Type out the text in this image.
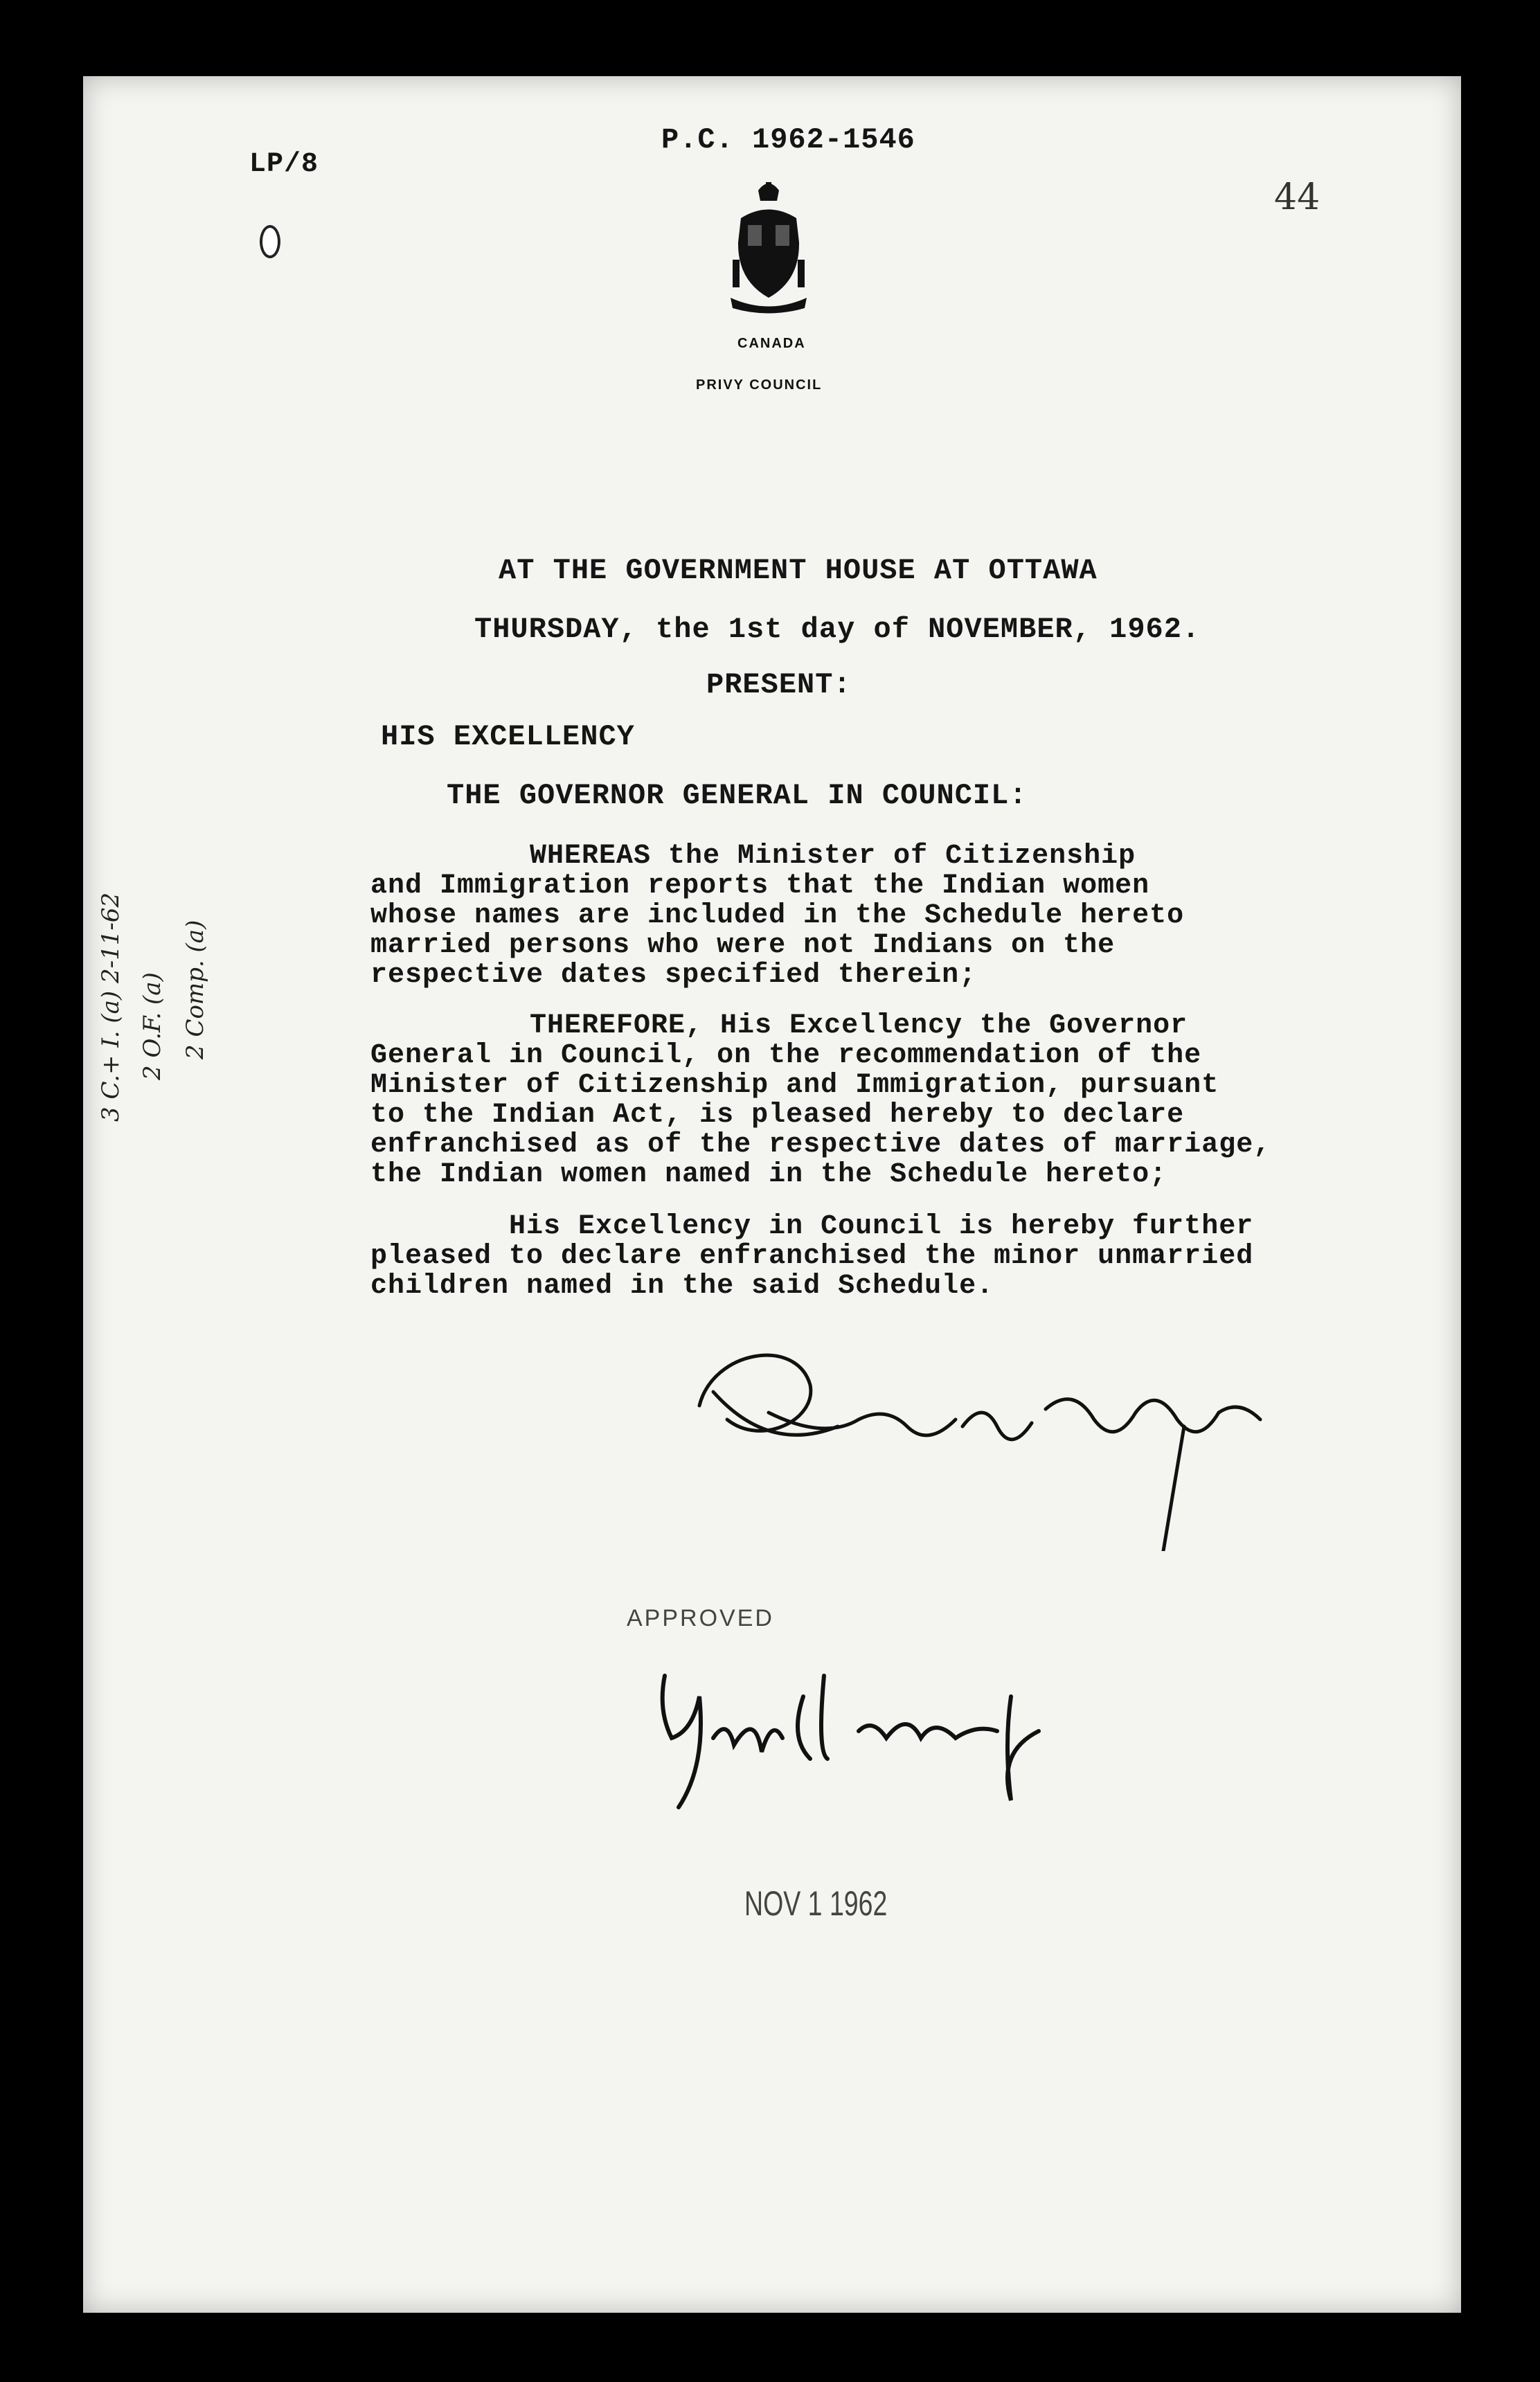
LP/8
P.C. 1962-1546
44
CANADA
PRIVY COUNCIL
3 C.+ I. (a) 2-11-62 2 O.F. (a) 2 Comp. (a)
AT THE GOVERNMENT HOUSE AT OTTAWA
THURSDAY, the 1st day of NOVEMBER, 1962.
PRESENT:
HIS EXCELLENCY
THE GOVERNOR GENERAL IN COUNCIL:
WHEREAS the Minister of Citizenship
and Immigration reports that the Indian women
whose names are included in the Schedule hereto
married persons who were not Indians on the
respective dates specified therein;
THEREFORE, His Excellency the Governor
General in Council, on the recommendation of the
Minister of Citizenship and Immigration, pursuant
to the Indian Act, is pleased hereby to declare
enfranchised as of the respective dates of marriage,
the Indian women named in the Schedule hereto;
His Excellency in Council is hereby further
pleased to declare enfranchised the minor unmarried
children named in the said Schedule.
APPROVED
NOV 1 1962
